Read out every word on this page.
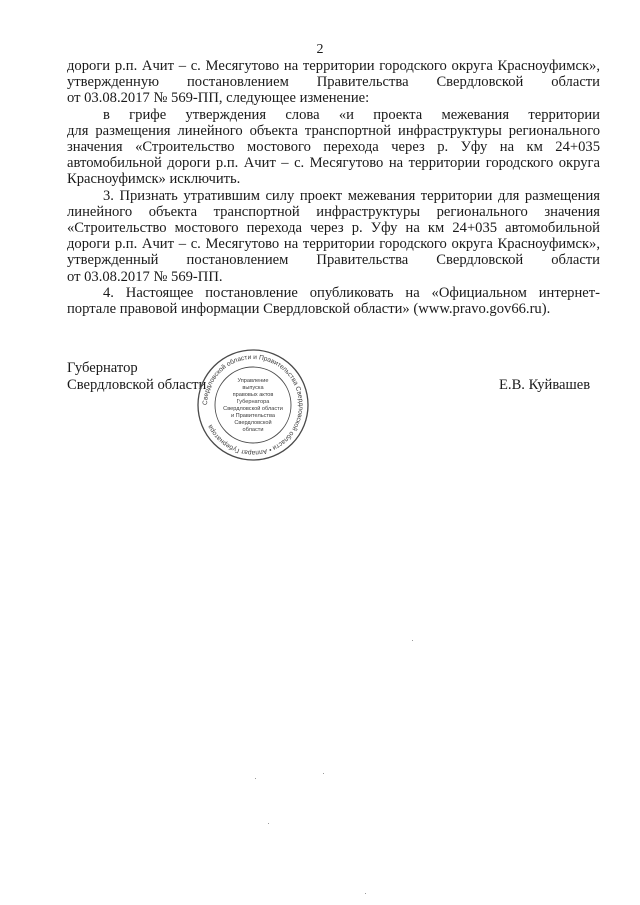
2
дороги р.п. Ачит – с. Месягутово на территории городского округа Красноуфимск»,
утвержденную постановлением Правительства Свердловской области
от 03.08.2017 № 569-ПП, следующее изменение:
в грифе утверждения слова «и проекта межевания территории
для размещения линейного объекта транспортной инфраструктуры регионального
значения «Строительство мостового перехода через р. Уфу на км 24+035
автомобильной дороги р.п. Ачит – с. Месягутово на территории городского округа
Красноуфимск» исключить.
3. Признать утратившим силу проект межевания территории для размещения
линейного объекта транспортной инфраструктуры регионального значения
«Строительство мостового перехода через р. Уфу на км 24+035 автомобильной
дороги р.п. Ачит – с. Месягутово на территории городского округа Красноуфимск»,
утвержденный постановлением Правительства Свердловской области
от 03.08.2017 № 569-ПП.
4. Настоящее постановление опубликовать на «Официальном интернет-
портале правовой информации Свердловской области» (www.pravo.gov66.ru).
Губернатор
Свердловской области
Свердловской области и Правительства Свердловской области • Аппарат Губернатора
Управление
выпуска
правовых актов
Губернатора
Свердловской области
и Правительства
Свердловской
области
Е.В. Куйвашев
